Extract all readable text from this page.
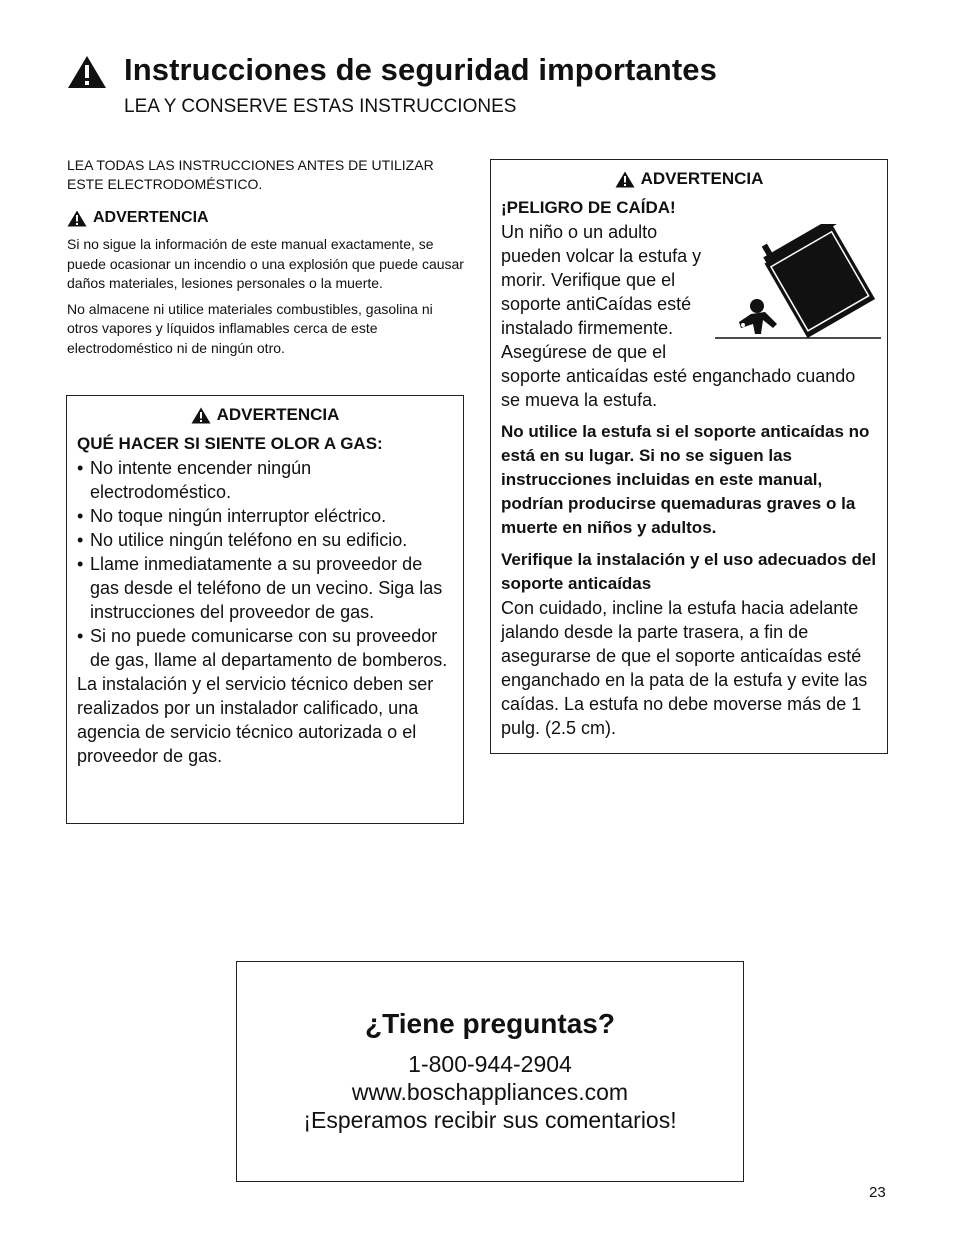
Instrucciones de seguridad importantes
LEA Y CONSERVE ESTAS INSTRUCCIONES
LEA TODAS LAS INSTRUCCIONES ANTES DE UTILIZAR ESTE ELECTRODOMÉSTICO.
ADVERTENCIA
Si no sigue la información de este manual exactamente, se puede ocasionar un incendio o una explosión que puede causar daños materiales, lesiones personales o la muerte.
No almacene ni utilice materiales combustibles, gasolina ni otros vapores y líquidos inflamables cerca de este electrodoméstico ni de ningún otro.
ADVERTENCIA
QUÉ HACER SI SIENTE OLOR A GAS:
• No intente encender ningún electrodoméstico.
• No toque ningún interruptor eléctrico.
• No utilice ningún teléfono en su edificio.
• Llame inmediatamente a su proveedor de gas desde el teléfono de un vecino. Siga las instrucciones del proveedor de gas.
• Si no puede comunicarse con su proveedor de gas, llame al departamento de bomberos.
La instalación y el servicio técnico deben ser realizados por un instalador calificado, una agencia de servicio técnico autorizada o el proveedor de gas.
ADVERTENCIA
¡PELIGRO DE CAÍDA!
Un niño o un adulto pueden volcar la estufa y morir. Verifique que el soporte antiCaídas esté instalado firmemente. Asegúrese de que el soporte anticaídas esté enganchado cuando se mueva la estufa.
No utilice la estufa si el soporte anticaídas no está en su lugar. Si no se siguen las instrucciones incluidas en este manual, podrían producirse quemaduras graves o la muerte en niños y adultos.
Verifique la instalación y el uso adecuados del soporte anticaídas
Con cuidado, incline la estufa hacia adelante jalando desde la parte trasera, a fin de asegurarse de que el soporte anticaídas esté enganchado en la pata de la estufa y evite las caídas. La estufa no debe moverse más de 1 pulg. (2.5 cm).
¿Tiene preguntas?
1-800-944-2904
www.boschappliances.com
¡Esperamos recibir sus comentarios!
23
